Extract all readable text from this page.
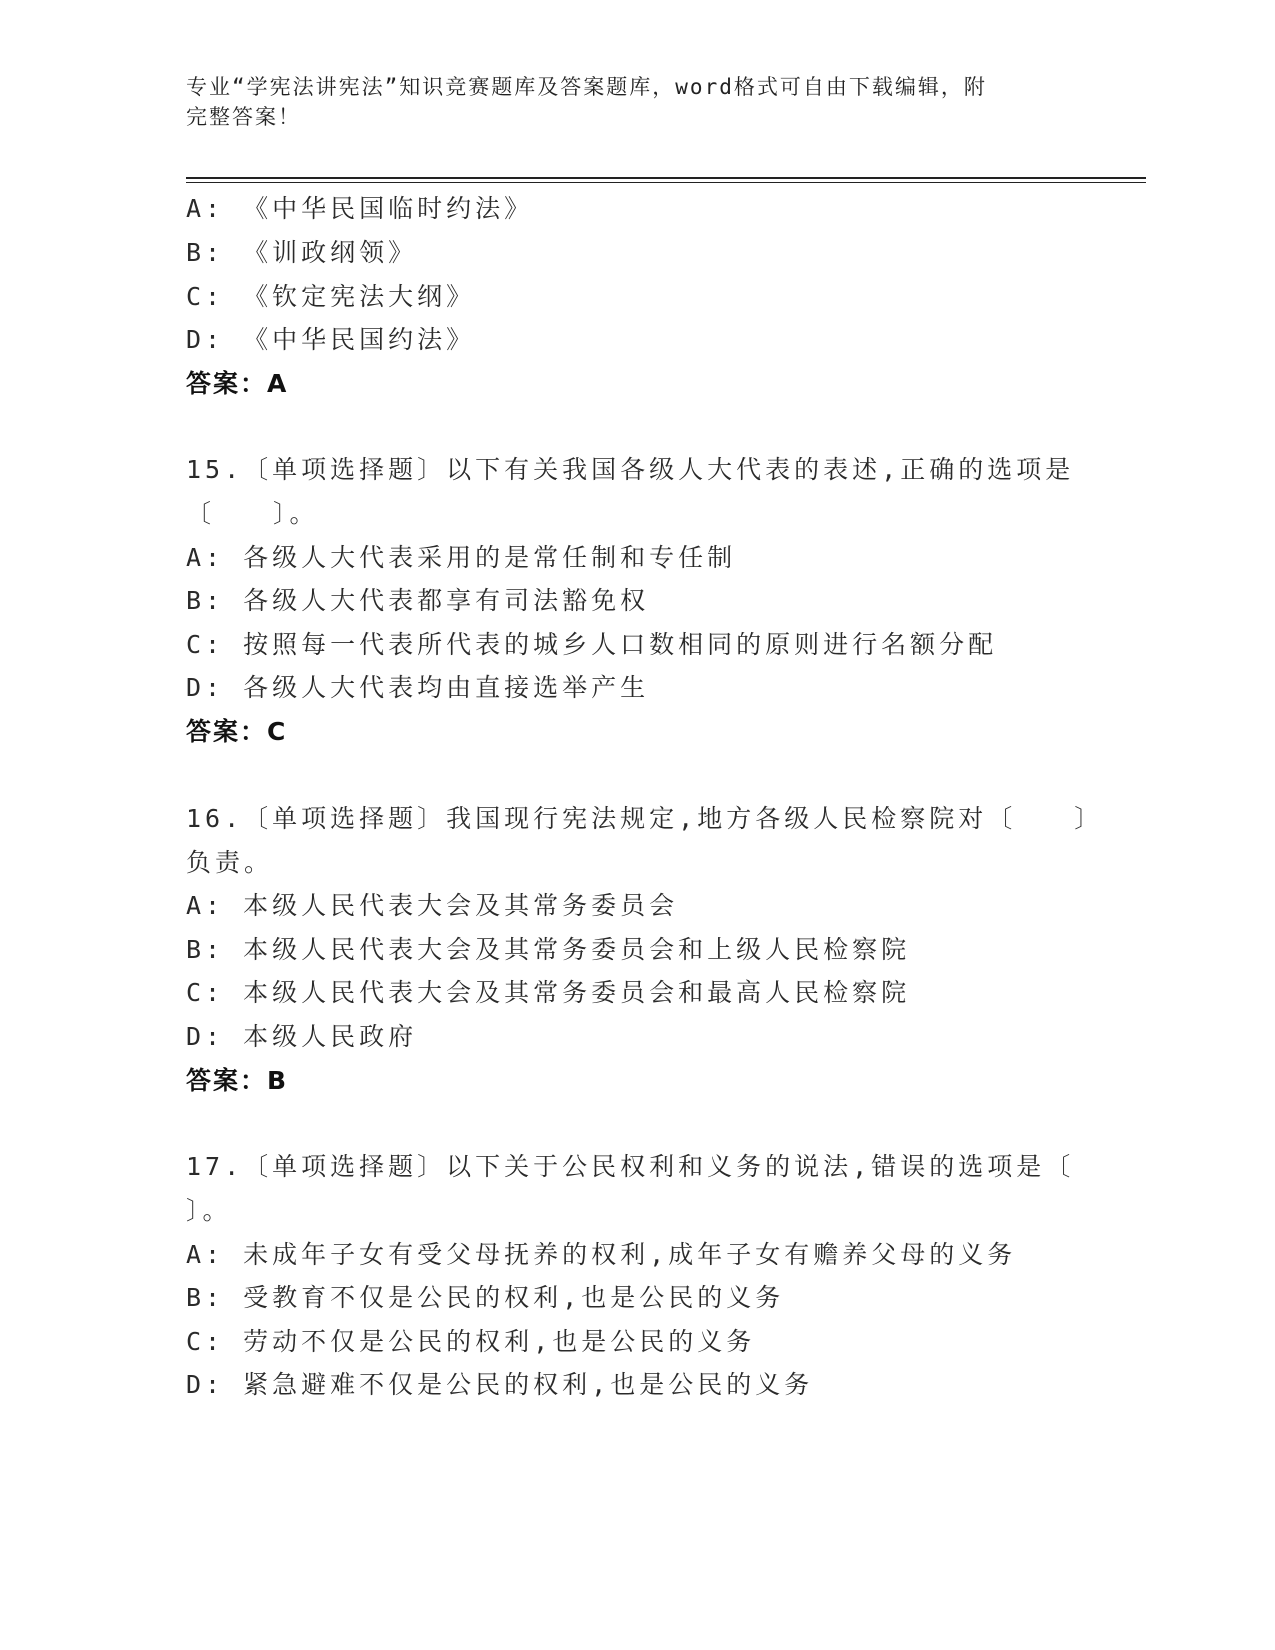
专业“学宪法讲宪法”知识竞赛题库及答案题库，word格式可自由下载编辑，附
完整答案！
A: 《中华民国临时约法》
B: 《训政纲领》
C: 《钦定宪法大纲》
D: 《中华民国约法》
答案：A
15.〔单项选择题〕以下有关我国各级人大代表的表述,正确的选项是
〔　　〕。
A: 各级人大代表采用的是常任制和专任制
B: 各级人大代表都享有司法豁免权
C: 按照每一代表所代表的城乡人口数相同的原则进行名额分配
D: 各级人大代表均由直接选举产生
答案：C
16.〔单项选择题〕我国现行宪法规定,地方各级人民检察院对〔　　〕
负责。
A: 本级人民代表大会及其常务委员会
B: 本级人民代表大会及其常务委员会和上级人民检察院
C: 本级人民代表大会及其常务委员会和最高人民检察院
D: 本级人民政府
答案：B
17.〔单项选择题〕以下关于公民权利和义务的说法,错误的选项是〔
〕。
A: 未成年子女有受父母抚养的权利,成年子女有赡养父母的义务
B: 受教育不仅是公民的权利,也是公民的义务
C: 劳动不仅是公民的权利,也是公民的义务
D: 紧急避难不仅是公民的权利,也是公民的义务
